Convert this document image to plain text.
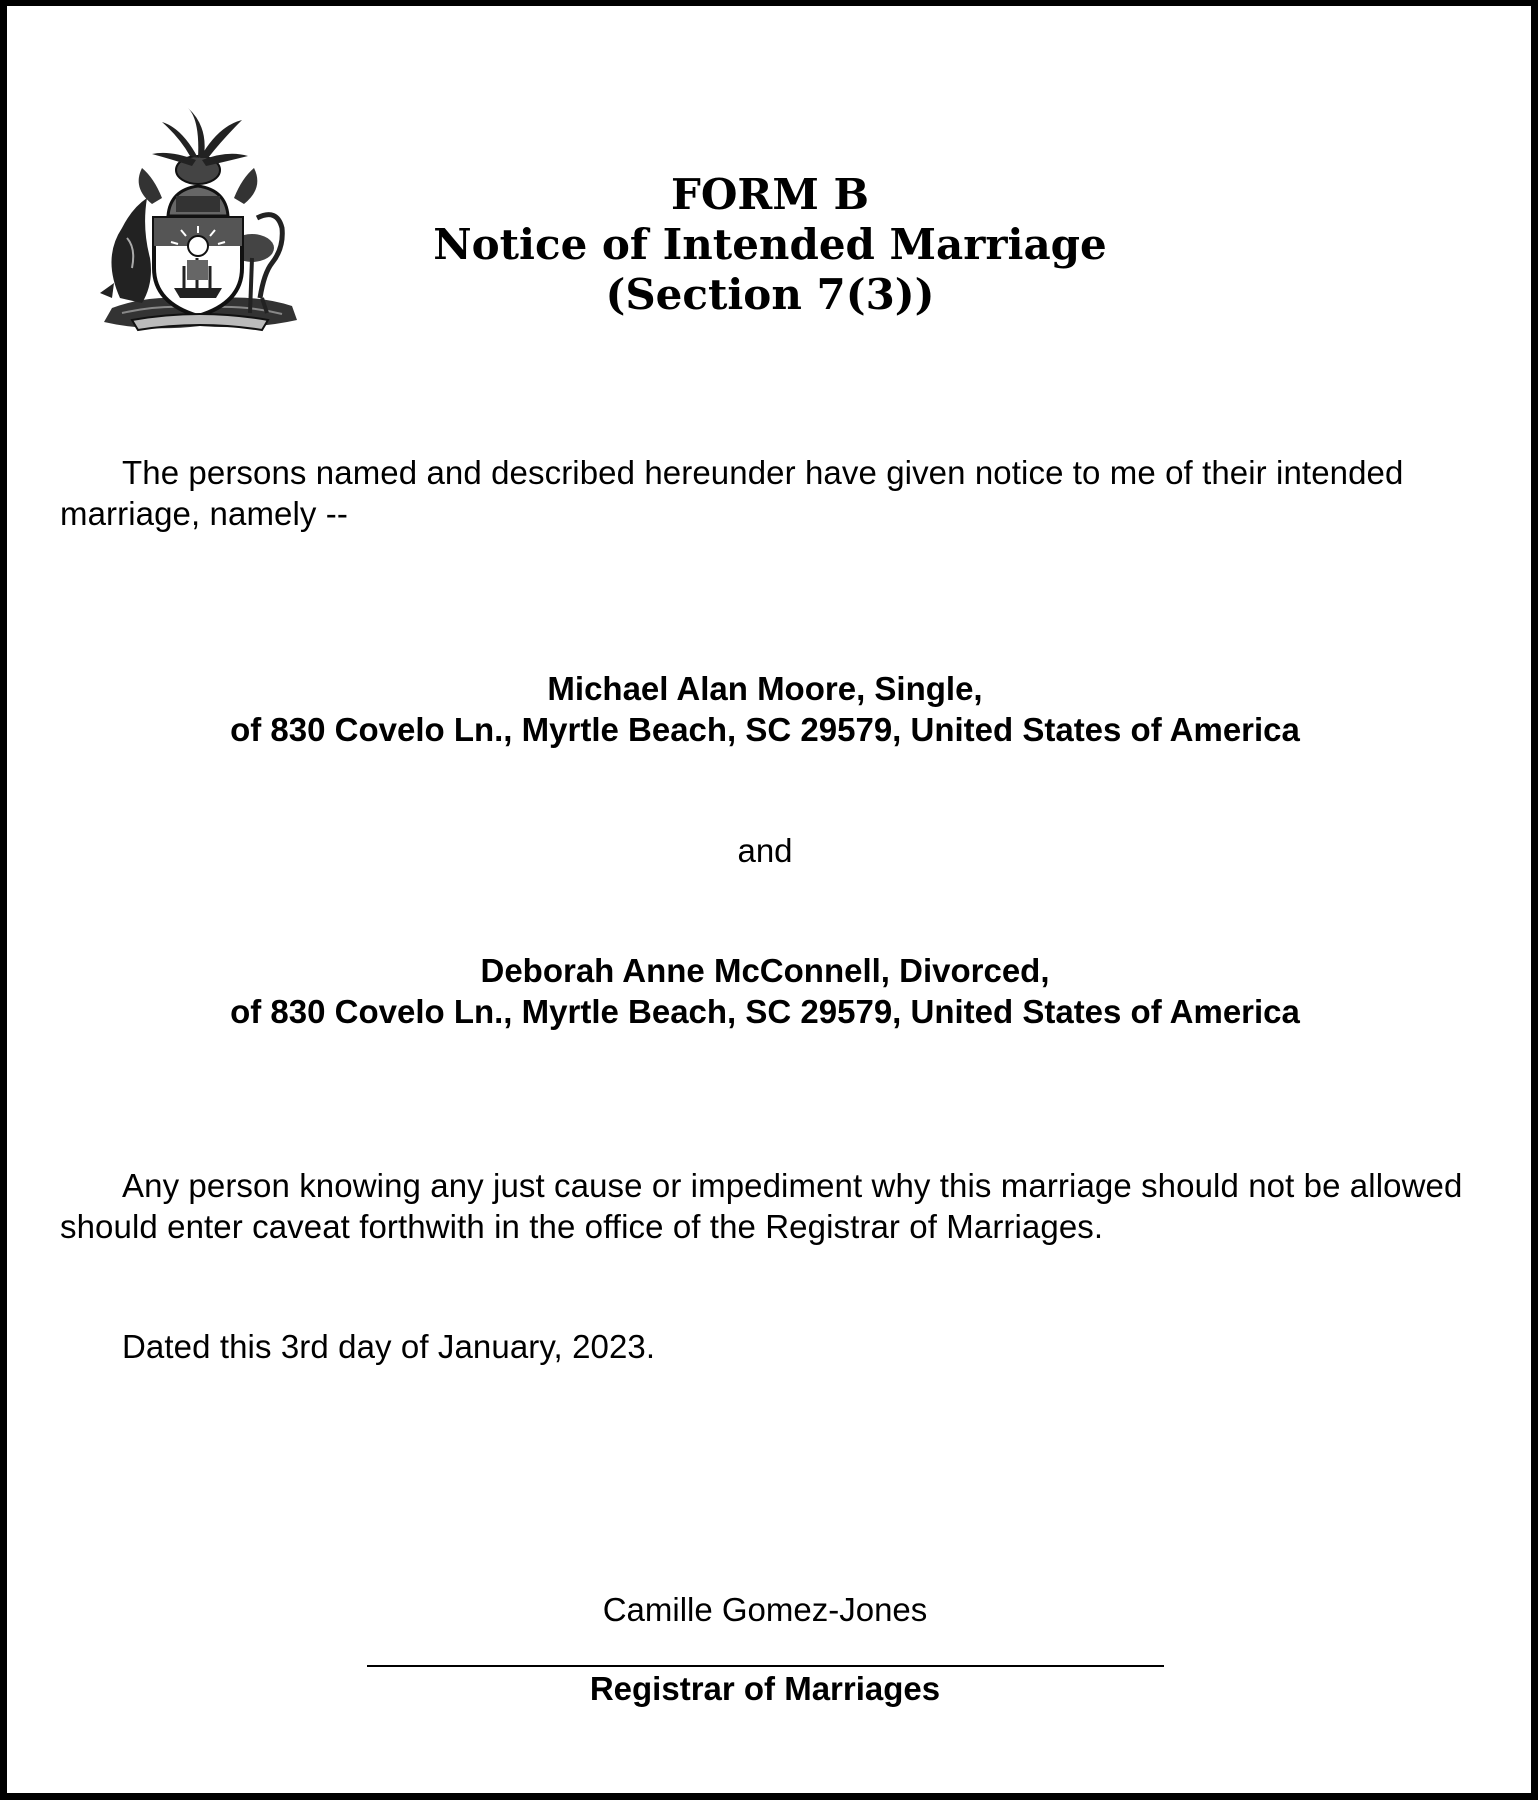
FORM B
Notice of Intended Marriage
(Section 7(3))
The persons named and described hereunder have given notice to me of their intended marriage, namely --
Michael Alan Moore, Single,
of 830 Covelo Ln., Myrtle Beach, SC 29579, United States of America
and
Deborah Anne McConnell, Divorced,
of 830 Covelo Ln., Myrtle Beach, SC 29579, United States of America
Any person knowing any just cause or impediment why this marriage should not be allowed should enter caveat forthwith in the office of the Registrar of Marriages.
Dated this 3rd day of January, 2023.
Camille Gomez-Jones
Registrar of Marriages
